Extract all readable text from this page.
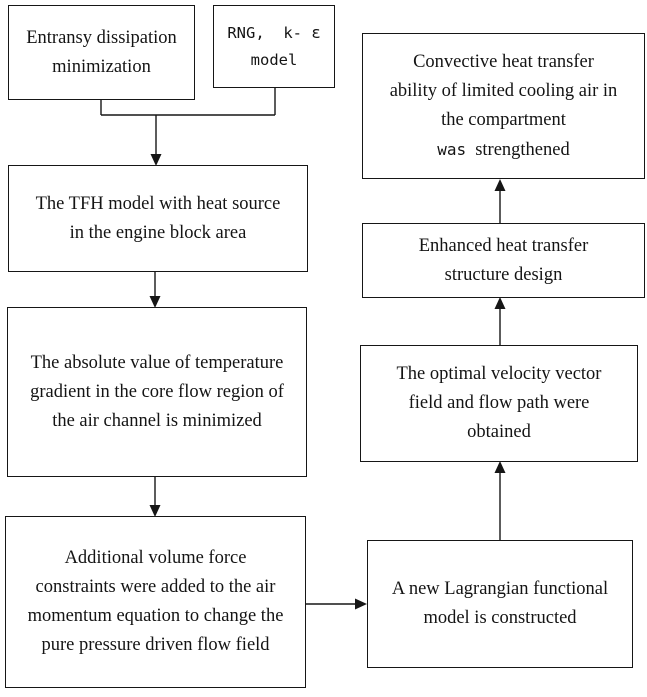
Entransy dissipation
minimization
RNG,  k- ε
model	Convective heat transfer
ability of limited cooling air in
the compartment
was strengthened
The TFH model with heat source
in the engine block area
The absolute value of temperature
gradient in the core flow region of
the air channel is minimized
Additional volume force
constraints were added to the air
momentum equation to change the
pure pressure driven flow field
A new Lagrangian functional
model is constructed
The optimal velocity vector
field and flow path were
obtained
Enhanced heat transfer
structure design
